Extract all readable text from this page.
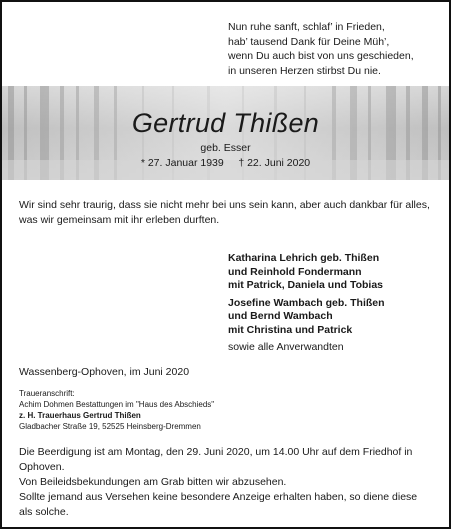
Nun ruhe sanft, schlaf’ in Frieden,
hab’ tausend Dank für Deine Müh’,
wenn Du auch bist von uns geschieden,
in unseren Herzen stirbst Du nie.
Gertrud Thißen
geb. Esser
* 27. Januar 1939     † 22. Juni 2020
Wir sind sehr traurig, dass sie nicht mehr bei uns sein kann, aber auch dankbar für alles, was wir gemeinsam mit ihr erleben durften.
Katharina Lehrich geb. Thißen
und Reinhold Fondermann
mit Patrick, Daniela und Tobias
Josefine Wambach geb. Thißen
und Bernd Wambach
mit Christina und Patrick
sowie alle Anverwandten
Wassenberg-Ophoven, im Juni 2020
Traueranschrift:
Achim Dohmen Bestattungen im "Haus des Abschieds"
z. H. Trauerhaus Gertrud Thißen
Gladbacher Straße 19, 52525 Heinsberg-Dremmen
Die Beerdigung ist am Montag, den 29. Juni 2020, um 14.00 Uhr auf dem Friedhof in Ophoven.
Von Beileidsbekundungen am Grab bitten wir abzusehen.
Sollte jemand aus Versehen keine besondere Anzeige erhalten haben, so diene diese als solche.
